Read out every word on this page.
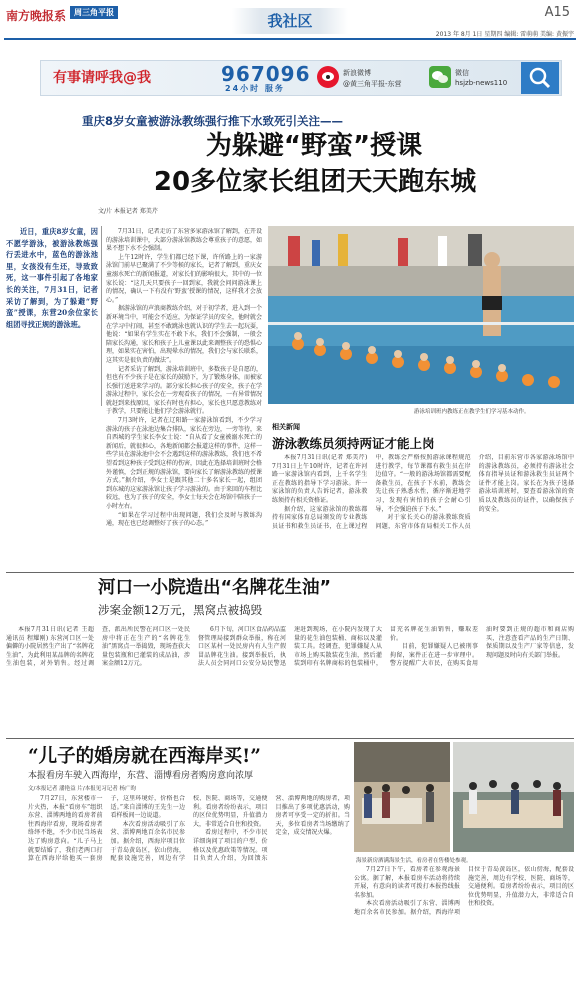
南方晚报系 周三角平报	我社区	A15
2013 年 8月 1日 星期四 编辑: 雷萌萌 美编: 黄振宇
有事请呼我@我	967096
24小时 服务
新浪微博
@黄三角平报-东营
微信
hsjzb-news110
重庆8岁女童被游泳教练强行推下水致死引关注——
为躲避“野蛮”授课
20多位家长组团天天跑东城
文/片 本报记者 郑美芹

近日，重庆8岁女童，因不愿学游泳，被游泳教练强行丢进水中，蓝色的游泳池里，女孩没有生还，导致致死，这一事件引起了各地家长的关注，7月31日，记者采访了解到，为了躲避“野蛮”授课，东营20余位家长组团寻找正规的游泳班。

7月31日，记者走访了东营多家游泳馆了解到，在开设的游泳培训课中，大部分游泳馆教练会尊重孩子的意愿，如果不想下水不会强制。

上午12时许，学生们都已经下课，许所路上的一家游泳馆门前早已聚满了不少等候的家长，记者了解到，重庆女童溺水死亡的新闻报道，对家长们的影响很大，其中的一位家长说：“这几天只要孩子一回到家，我就会问问游泳课上的情况，确认一下有没有‘野蛮’授课的情况，这样我才会放心。”

据游泳馆的声浪商教练介绍，对于初学者，进入到一个新环境当中，可能会不适应，为保证学员的安全，他时就会在学习中打闹，甚至不敢跳泳也就认识的学生去一起玩耍，他说：“如果有学生实在不敢下水，我们不会强制，一般会陪家长沟通，家长和孩子上儿童课以此来调整孩子的恐惧心理，如果实在害怕，出现晕水的情况，我们会与家长联系，这其实是很负责的做法”。

记者采访了解到，游泳培训班中，多数孩子是自愿的，但也有不少孩子是在家长的鼓励下，为了锻炼身体，而被家长强行送进来学习的。部分家长担心孩子的安全，孩子在学游泳过程中，家长会在一旁观看孩子的情况，一有异常情况就赶到来找原因，家长有时也有担心，家长也只愿意教练对于教学，只要能让他们学会游泳就行。

7月3时许，记者在辽阳路一家游泳馆看到，不少学习游泳的孩子在泳池边集合排队，家长在旁边，一旁等待，来自西城的学生家长李女士说：“自从看了女童被溺水死亡的新闻后，就很担心，各地新闻都会报道这样的事件，这样一些学员在游泳池中会不会遇到这样的游泳教练，我们也不希望看到这种孩子受到这样的伤害，因此在选择培训班时会格外谨慎，会到正规的游泳馆，要向家长了解游泳教练的授课方式。”据介绍，李女士是跟其他二十多名家长一起，组团到东城的这家游泳馆让孩子学习游泳的。由于来回的车程比较远，也为了孩子的安全，李女士每天会在场馆中陪孩子一小时左右。

“如果在学习过程中出现问题，我们会及时与教练沟通，现在也已经调整好了孩子的心态。”

游泳培训班内教练正在教学生们学习基本动作。
相关新闻
游泳教练员须持两证才能上岗

本报7月31日讯(记者 郑美芹) 7月31日上午10时许，记者在许河路一家游泳馆内看到，上千名学生正在教练的指导下学习游泳。许一家泳馆的负责人告诉记者，游泳教练须持有相关资格证。

据介绍，这家游泳馆的教练都持有国家体育总局颁发的专业教练员证书和救生员证书，在上课过程中，教练会严格按照游泳课程规范进行教学，每节课都有救生员在岸边值守。“一般的游泳场馆都需要配备救生员，在孩子下水前，教练会先让孩子熟悉水性，循序渐进地学习，发现有害怕的孩子会耐心引导，不会强迫孩子下水。”

对于家长关心的游泳教练资质问题，东营市体育局相关工作人员介绍，目前东营市各家游泳场馆中的游泳教练员，必须持有游泳社会体育指导员证和游泳救生员证两个证件才能上岗。家长在为孩子选择游泳培训班时，要查看游泳馆的资质以及教练员的证件，以确保孩子的安全。

河口一小院造出“名牌花生油”
涉案金额12万元，黑窝点被捣毁

本报7月31日讯(记者 王超 通讯员 程耀刚) 东营河口区一处偏僻的小院居然生产出了“名牌花生油”，为此利用某品牌的名牌花生油包装，对外销售。经过调查，派出所民警在河口区一处民房中将正在生产的“名牌花生油”黑窝点一举捣毁，现场查获大量包装瓶和已灌装的成品油，涉案金额12万元。

6月下旬，河口区食品药品监督管理局接到群众举报，称在河口区某村一处民房内有人生产假冒品牌花生油。接到举报后，执法人员会同河口公安分局民警迅速赶到现场，在小院内发现了大量的花生油包装桶、商标以及灌装工具。经调查，犯罪嫌疑人从市场上购买散装花生油，然后灌装到印有名牌商标的包装桶中，冒充名牌花生油销售，赚取差价。

目前，犯罪嫌疑人已被刑事拘留，案件正在进一步审理中。警方提醒广大市民，在购买食用油时要到正规的超市和商店购买，注意查看产品的生产日期、保质期以及生产厂家等信息，发现问题及时向有关部门举报。

“儿子的婚房就在西海岸买!”
本报看房车驶入西海岸，东营、淄博看房者购房意向浓厚
文/本报记者 潘艳益 片/本报见习记者 杨广昀

7月27日，东营楼市一片火热，本报“看房车”组织东营、淄博两地的看房者前往西海岸看房，现场看房者络绎不绝，不少市民当场表达了购房意向。“儿子马上就要结婚了，我们老两口打算在西海岸给他买一套房子，这里环境好，价格也合适。”来自淄博的王先生一边看样板间一边说道。

本次看房活动吸引了东营、淄博两地百余名市民参加。据介绍，西海岸项目位于青岛黄岛区，依山傍海，配套设施完善，周边有学校、医院、商场等，交通便利。看房者纷纷表示，项目的区位优势明显，升值潜力大，非常适合自住和投资。

看房过程中，不少市民详细询问了项目的户型、价格以及优惠政策等情况。项目负责人介绍，为回馈东营、淄博两地的购房者，项目推出了多项优惠活动，购房者可享受一定的折扣。当天，多位看房者当场缴纳了定金，成交情况火爆。

海景新房洒满海景生活，看房者在售楼处参观。

7月27日下午，看房者在参观海景公寓。据了解，本报看房车活动将持续开展，有意向的读者可拨打本报热线报名参加。

本次看房活动吸引了东营、淄博两地百余名市民参加。据介绍，西海岸项目位于青岛黄岛区，依山傍海，配套设施完善，周边有学校、医院、商场等，交通便利。看房者纷纷表示，项目的区位优势明显，升值潜力大，非常适合自住和投资。
